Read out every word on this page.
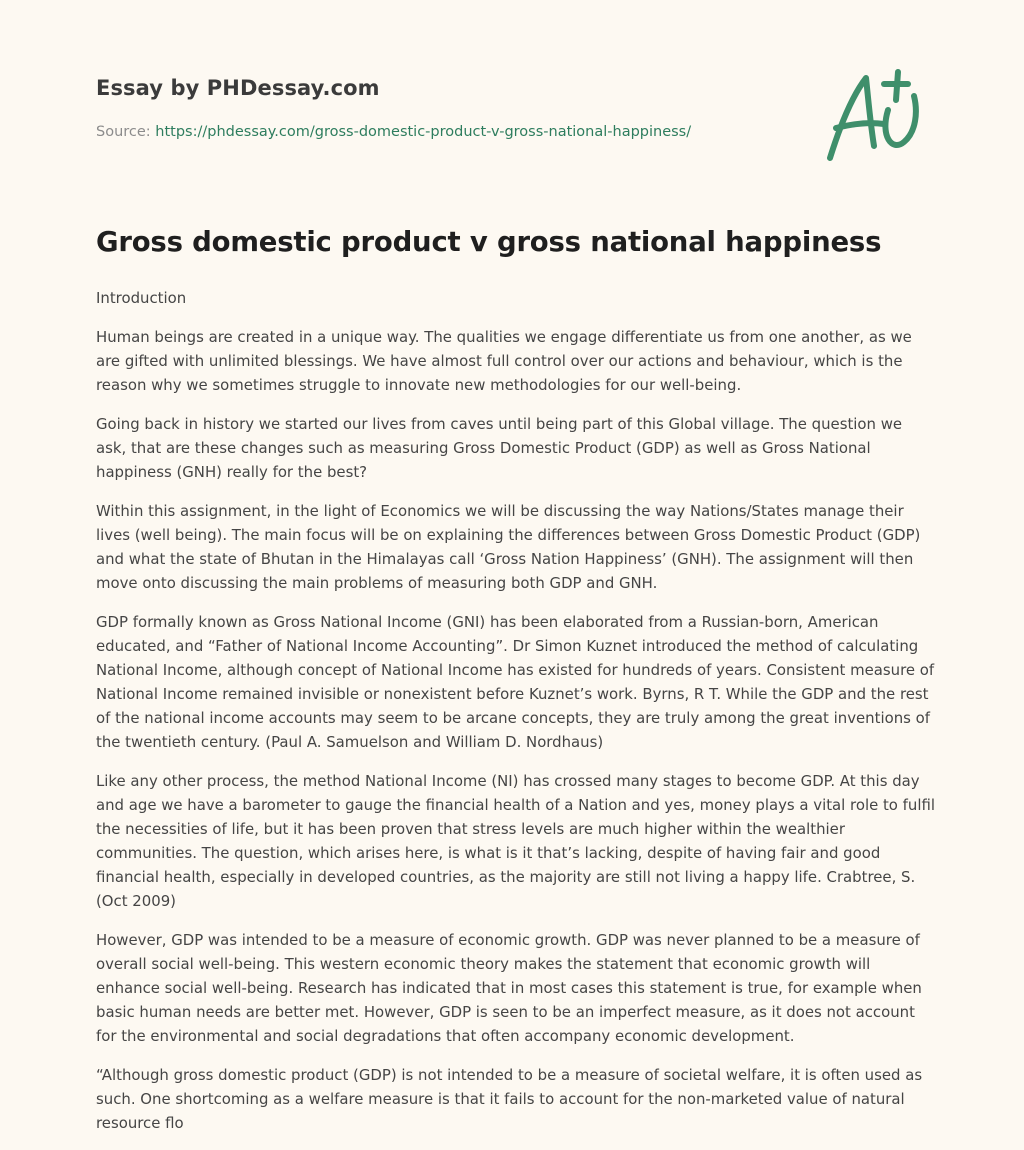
Essay by PHDessay.com
Source: https://phdessay.com/gross-domestic-product-v-gross-national-happiness/
Gross domestic product v gross national happiness

Introduction

Human beings are created in a unique way. The qualities we engage differentiate us from one another, as we are gifted with unlimited blessings. We have almost full control over our actions and behaviour, which is the reason why we sometimes struggle to innovate new methodologies for our well-being.

Going back in history we started our lives from caves until being part of this Global village. The question we ask, that are these changes such as measuring Gross Domestic Product (GDP) as well as Gross National happiness (GNH) really for the best?

Within this assignment, in the light of Economics we will be discussing the way Nations/States manage their lives (well being). The main focus will be on explaining the differences between Gross Domestic Product (GDP) and what the state of Bhutan in the Himalayas call ‘Gross Nation Happiness’ (GNH). The assignment will then move onto discussing the main problems of measuring both GDP and GNH.

GDP formally known as Gross National Income (GNI) has been elaborated from a Russian-born, American educated, and “Father of National Income Accounting”. Dr Simon Kuznet introduced the method of calculating National Income, although concept of National Income has existed for hundreds of years. Consistent measure of National Income remained invisible or nonexistent before Kuznet’s work. Byrns, R T. While the GDP and the rest of the national income accounts may seem to be arcane concepts, they are truly among the great inventions of the twentieth century. (Paul A. Samuelson and William D. Nordhaus)

Like any other process, the method National Income (NI) has crossed many stages to become GDP. At this day and age we have a barometer to gauge the financial health of a Nation and yes, money plays a vital role to fulfil the necessities of life, but it has been proven that stress levels are much higher within the wealthier communities. The question, which arises here, is what is it that’s lacking, despite of having fair and good financial health, especially in developed countries, as the majority are still not living a happy life. Crabtree, S. (Oct 2009)

However, GDP was intended to be a measure of economic growth. GDP was never planned to be a measure of overall social well-being. This western economic theory makes the statement that economic growth will enhance social well-being. Research has indicated that in most cases this statement is true, for example when basic human needs are better met. However, GDP is seen to be an imperfect measure, as it does not account for the environmental and social degradations that often accompany economic development.

“Although gross domestic product (GDP) is not intended to be a measure of societal welfare, it is often used as such. One shortcoming as a welfare measure is that it fails to account for the non-marketed value of natural resource flo
